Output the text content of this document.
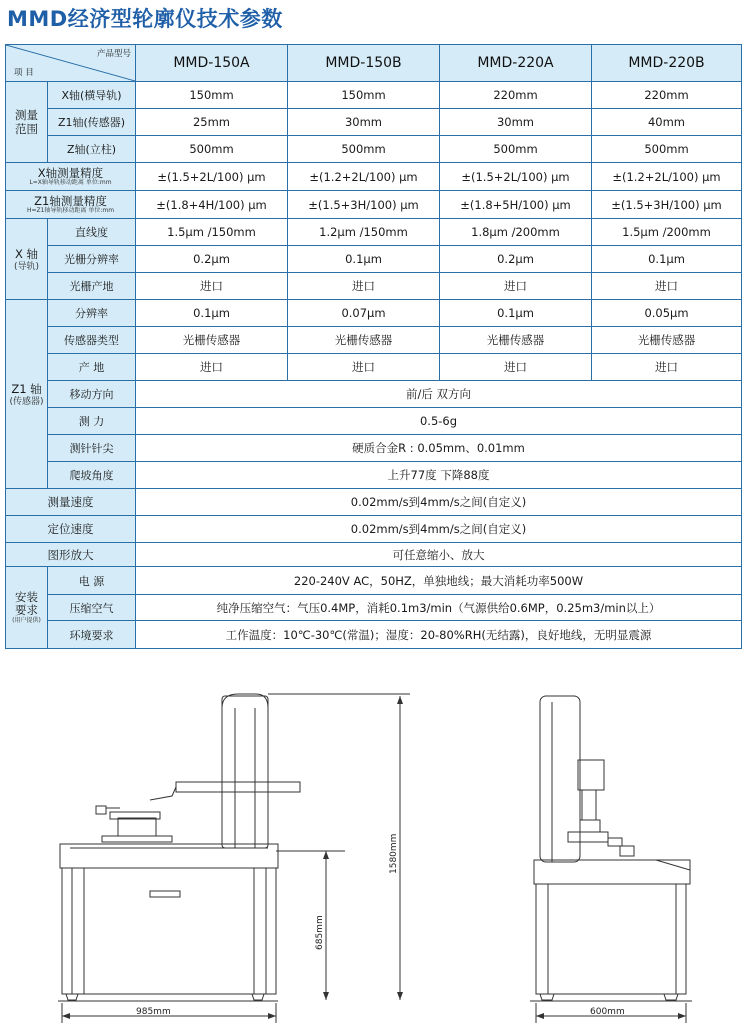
MMD经济型轮廓仪技术参数
产品型号
项 目		MMD-150A	MMD-150B	MMD-220A	MMD-220B
测量
范围	X轴(横导轨)	150mm	150mm	220mm	220mm
	Z1轴(传感器)	25mm	30mm	30mm	40mm
	Z轴(立柱)	500mm	500mm	500mm	500mm

X轴测量精度
L=X轴导轨移动距离 单位:mm		±(1.5+2L/100) μm	±(1.2+2L/100) μm	±(1.5+2L/100) μm	±(1.2+2L/100) μm

Z1轴测量精度
H=Z1轴导轨移动距离 单位:mm		±(1.8+4H/100) μm	±(1.5+3H/100) μm	±(1.8+5H/100) μm	±(1.5+3H/100) μm

X 轴
(导轨)	直线度	1.5μm /150mm	1.2μm /150mm	1.8μm /200mm	1.5μm /200mm
	光栅分辨率	0.2μm	0.1μm	0.2μm	0.1μm
	光栅产地	进口	进口	进口	进口

Z1 轴
(传感器)	分辨率	0.1μm	0.07μm	0.1μm	0.05μm
	传感器类型	光栅传感器	光栅传感器	光栅传感器	光栅传感器
	产 地	进口	进口	进口	进口
	移动方向	前/后 双方向			
	测 力	0.5-6g			
	测针针尖	硬质合金R : 0.05mm、0.01mm			
	爬坡角度	上升77度 下降88度			
测量速度		0.02mm/s到4mm/s之间(自定义)			
定位速度		0.02mm/s到4mm/s之间(自定义)			
图形放大		可任意缩小、放大			

安装
要求
(用户提供)	电 源	220-240V AC，50HZ，单独地线；最大消耗功率500W			
	压缩空气	纯净压缩空气：气压0.4MP，消耗0.1m3/min（气源供给0.6MP，0.25m3/min以上）			
	环境要求	工作温度：10℃-30℃(常温)；湿度：20-80%RH(无结露)，良好地线，无明显震源			
985mm
685mm
1580mm
600mm
